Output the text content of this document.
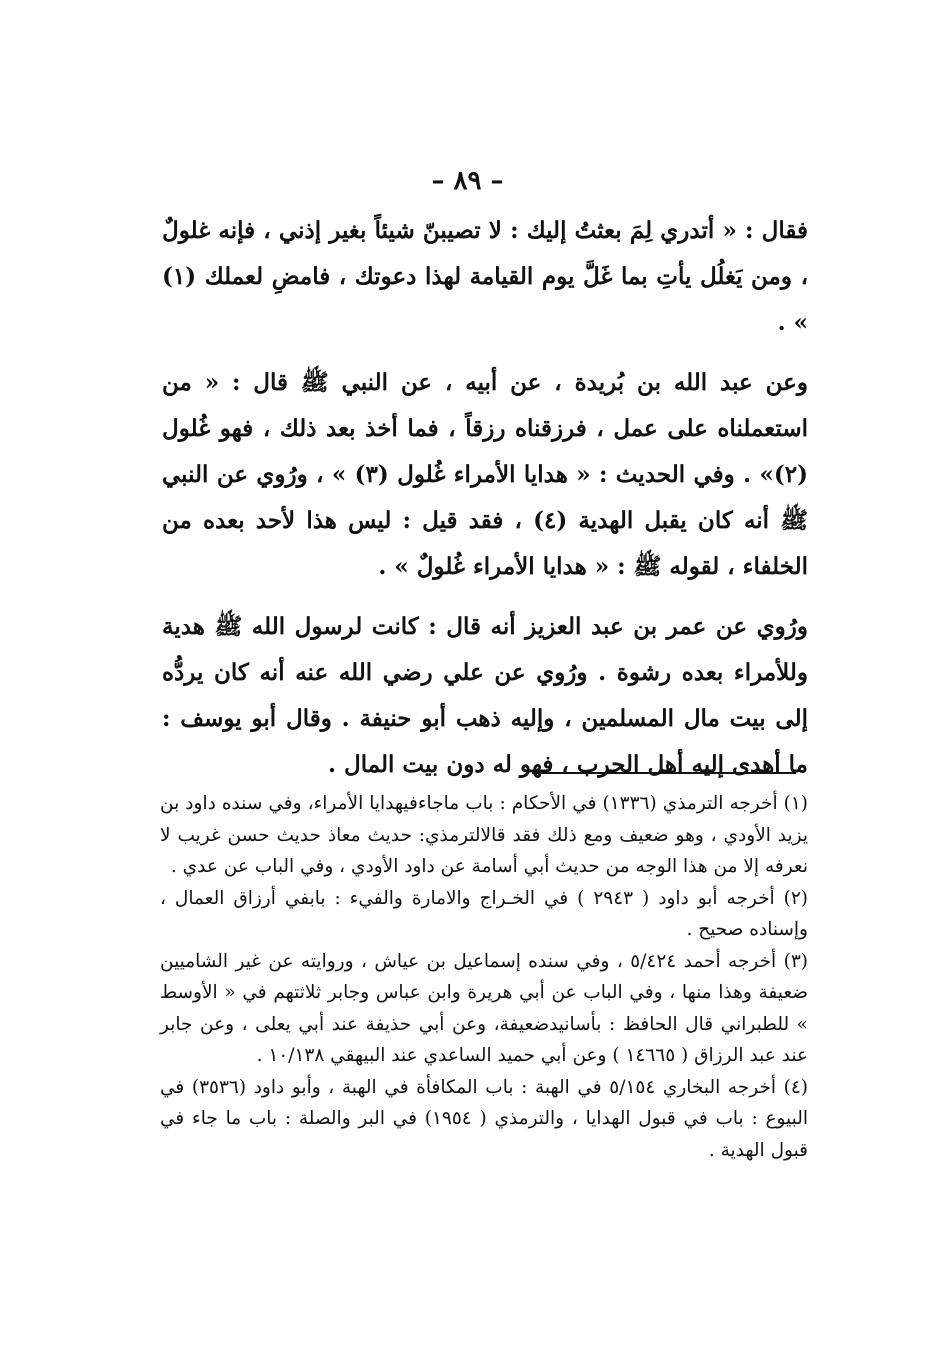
– ٨٩ –

فقال : « أتدري لِمَ بعثتُ إليك : لا تصيبنّ شيئاً بغير إذني ، فإنه غلولٌ ، ومن يَغلُل يأتِ بما غَلَّ يوم القيامة لهذا دعوتك ، فامضِ لعملك (١) » .

وعن عبد الله بن بُريدة ، عن أبيه ، عن النبي ﷺ قال : « من استعملناه على عمل ، فرزقناه رزقاً ، فما أخذ بعد ذلك ، فهو غُلول (٢)» . وفي الحديث : « هدايا الأمراء غُلول (٣) » ، ورُوي عن النبي ﷺ أنه كان يقبل الهدية (٤) ، فقد قيل : ليس هذا لأحد بعده من الخلفاء ، لقوله ﷺ : « هدايا الأمراء غُلولٌ » .

ورُوي عن عمر بن عبد العزيز أنه قال : كانت لرسول الله ﷺ هدية وللأمراء بعده رشوة . ورُوي عن علي رضي الله عنه أنه كان يردُّه إلى بيت مال المسلمين ، وإليه ذهب أبو حنيفة . وقال أبو يوسف : ما أهدى إليه أهل الحرب ، فهو له دون بيت المال .

(١) أخرجه الترمذي (١٣٣٦) في الأحكام : باب ماجاءفيهدايا الأمراء، وفي سنده داود بن يزيد الأودي ، وهو ضعيف ومع ذلك فقد قالالترمذي: حديث معاذ حديث حسن غريب لا نعرفه إلا من هذا الوجه من حديث أبي أسامة عن داود الأودي ، وفي الباب عن عدي .

(٢) أخرجه أبو داود ( ٢٩٤٣ ) في الخـراج والامارة والفيء : بابفي أرزاق العمال ، وإسناده صحيح .

(٣) أخرجه أحمد ٥/٤٢٤ ، وفي سنده إسماعيل بن عياش ، وروايته عن غير الشاميين ضعيفة وهذا منها ، وفي الباب عن أبي هريرة وابن عباس وجابر ثلاثتهم في « الأوسط » للطبراني قال الحافظ : بأسانيدضعيفة، وعن أبي حذيفة عند أبي يعلى ، وعن جابر عند عبد الرزاق ( ١٤٦٦٥ ) وعن أبي حميد الساعدي عند البيهقي ١٠/١٣٨ .

(٤) أخرجه البخاري ٥/١٥٤ في الهبة : باب المكافأة في الهبة ، وأبو داود (٣٥٣٦) في البيوع : باب في قبول الهدايا ، والترمذي ( ١٩٥٤) في البر والصلة : باب ما جاء في قبول الهدية .
